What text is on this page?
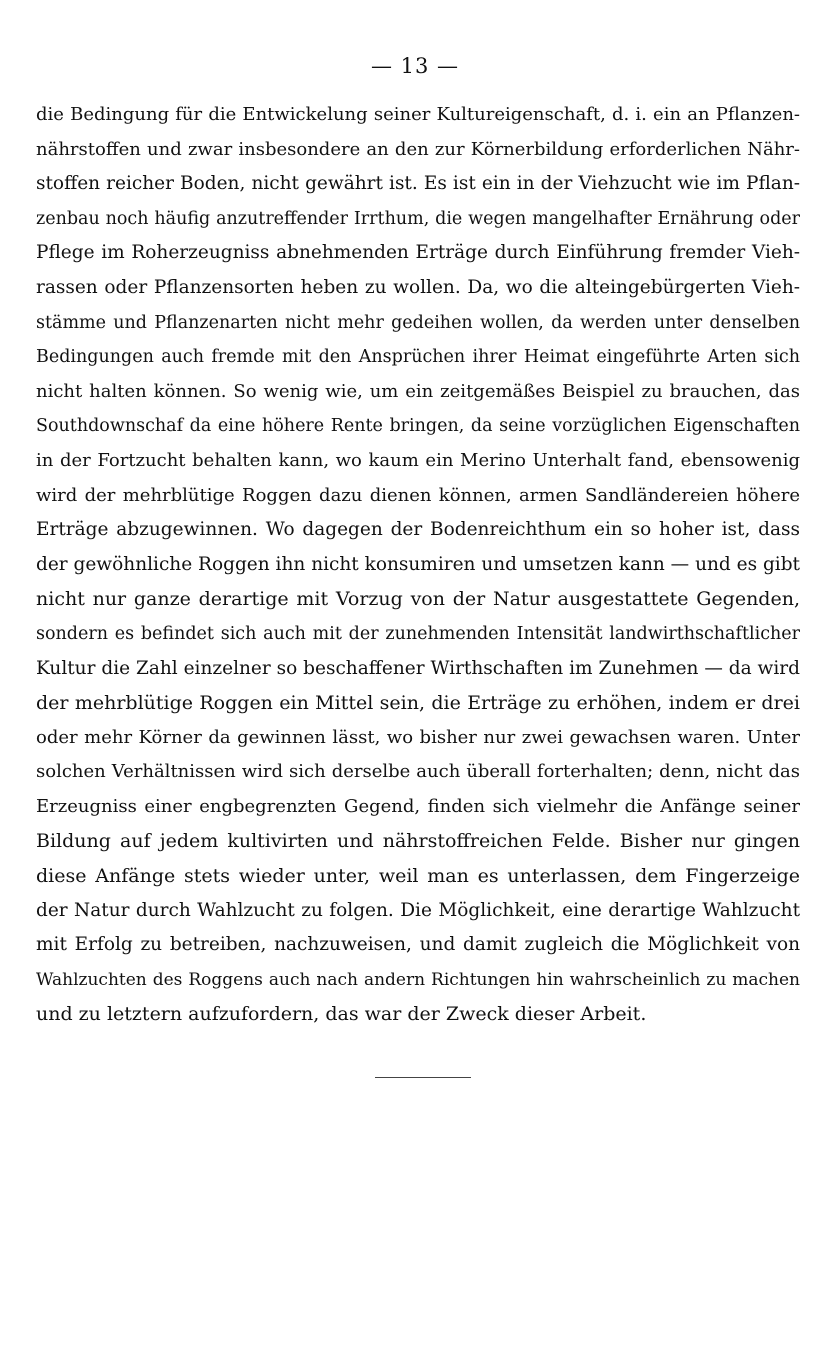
— 13 —
die Bedingung für die Entwickelung seiner Kultureigenschaft, d. i. ein an Pflanzen-
nährstoffen und zwar insbesondere an den zur Körnerbildung erforderlichen Nähr-
stoffen reicher Boden, nicht gewährt ist. Es ist ein in der Viehzucht wie im Pflan-
zenbau noch häufig anzutreffender Irrthum, die wegen mangelhafter Ernährung oder
Pflege im Roherzeugniss abnehmenden Erträge durch Einführung fremder Vieh-
rassen oder Pflanzensorten heben zu wollen. Da, wo die alteingebürgerten Vieh-
stämme und Pflanzenarten nicht mehr gedeihen wollen, da werden unter denselben
Bedingungen auch fremde mit den Ansprüchen ihrer Heimat eingeführte Arten sich
nicht halten können. So wenig wie, um ein zeitgemäßes Beispiel zu brauchen, das
Southdownschaf da eine höhere Rente bringen, da seine vorzüglichen Eigenschaften
in der Fortzucht behalten kann, wo kaum ein Merino Unterhalt fand, ebensowenig
wird der mehrblütige Roggen dazu dienen können, armen Sandländereien höhere
Erträge abzugewinnen. Wo dagegen der Bodenreichthum ein so hoher ist, dass
der gewöhnliche Roggen ihn nicht konsumiren und umsetzen kann — und es gibt
nicht nur ganze derartige mit Vorzug von der Natur ausgestattete Gegenden,
sondern es befindet sich auch mit der zunehmenden Intensität landwirthschaftlicher
Kultur die Zahl einzelner so beschaffener Wirthschaften im Zunehmen — da wird
der mehrblütige Roggen ein Mittel sein, die Erträge zu erhöhen, indem er drei
oder mehr Körner da gewinnen lässt, wo bisher nur zwei gewachsen waren. Unter
solchen Verhältnissen wird sich derselbe auch überall forterhalten; denn, nicht das
Erzeugniss einer engbegrenzten Gegend, finden sich vielmehr die Anfänge seiner
Bildung auf jedem kultivirten und nährstoffreichen Felde. Bisher nur gingen
diese Anfänge stets wieder unter, weil man es unterlassen, dem Fingerzeige
der Natur durch Wahlzucht zu folgen. Die Möglichkeit, eine derartige Wahlzucht
mit Erfolg zu betreiben, nachzuweisen, und damit zugleich die Möglichkeit von
Wahlzuchten des Roggens auch nach andern Richtungen hin wahrscheinlich zu machen
und zu letztern aufzufordern, das war der Zweck dieser Arbeit.
